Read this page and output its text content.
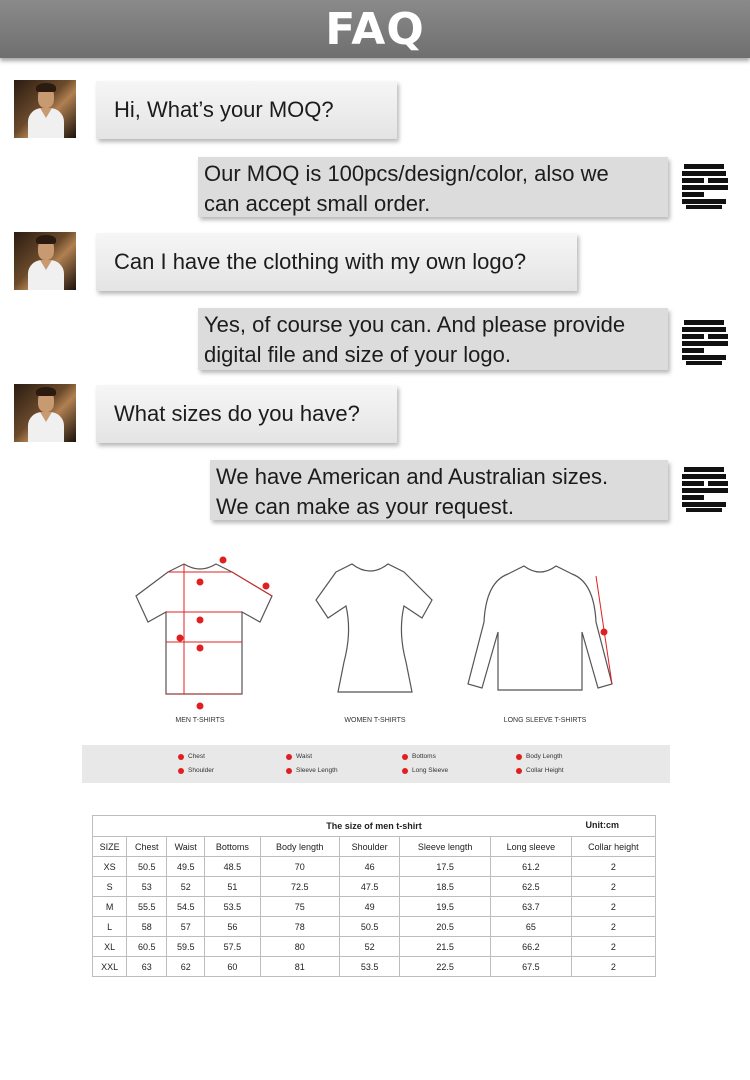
FAQ
Hi, What’s your MOQ?
Our MOQ is 100pcs/design/color, also we
can accept small order.
Can I have the clothing with my own logo?
Yes, of course you can. And please provide
digital file and size of your logo.
What sizes do you have?
We have American and Australian sizes.
We can make as your request.
MEN T-SHIRTS	WOMEN T-SHIRTS	LONG SLEEVE T-SHIRTS
Chest	Waist	Bottoms	Body Length
Shoulder	Sleeve Length	Long Sleeve	Collar Height
The size of men t-shirt Unit:cm								

SIZE	Chest	Waist	Bottoms	Body length	Shoulder	Sleeve length	Long sleeve	Collar height
XS	50.5	49.5	48.5	70	46	17.5	61.2	2
S	53	52	51	72.5	47.5	18.5	62.5	2
M	55.5	54.5	53.5	75	49	19.5	63.7	2
L	58	57	56	78	50.5	20.5	65	2
XL	60.5	59.5	57.5	80	52	21.5	66.2	2
XXL	63	62	60	81	53.5	22.5	67.5	2
